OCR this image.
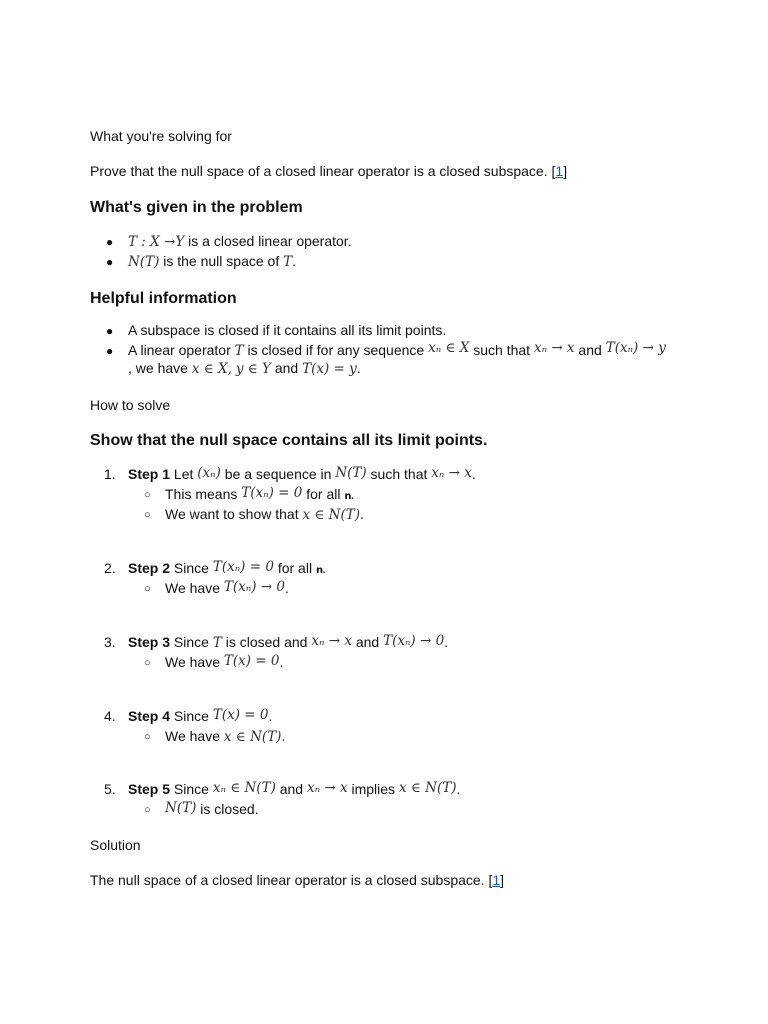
What you're solving for
Prove that the null space of a closed linear operator is a closed subspace. [1]
What's given in the problem
● T : X →Y is a closed linear operator.
● N(T) is the null space of T.
Helpful information
● A subspace is closed if it contains all its limit points.
● A linear operator T is closed if for any sequence xₙ ∈ X such that xₙ → x and T(xₙ) → y
, we have x ∈ X, y ∈ Y and T(x) = y.
How to solve
Show that the null space contains all its limit points.
1. Step 1 Let (xₙ) be a sequence in N(T) such that xₙ → x.
○ This means T(xₙ) = 0 for all n.
○ We want to show that x ∈ N(T).
2. Step 2 Since T(xₙ) = 0 for all n.
○ We have T(xₙ) → 0.
3. Step 3 Since T is closed and xₙ → x and T(xₙ) → 0.
○ We have T(x) = 0.
4. Step 4 Since T(x) = 0.
○ We have x ∈ N(T).
5. Step 5 Since xₙ ∈ N(T) and xₙ → x implies x ∈ N(T).
○ N(T) is closed.
Solution
The null space of a closed linear operator is a closed subspace. [1]
